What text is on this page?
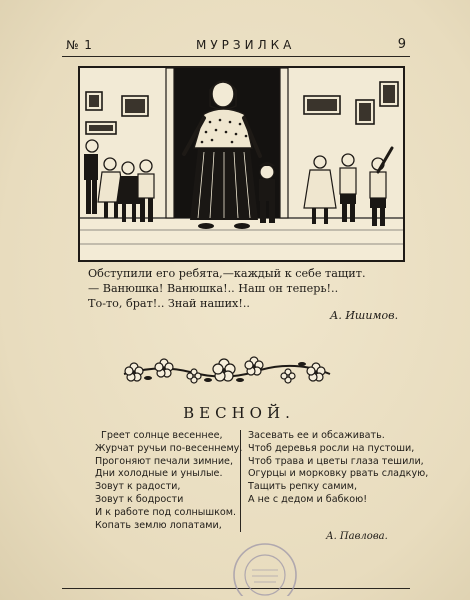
№ 1	МУРЗИЛКА	9
Обступили его ребята,—каждый к себе тащит.
— Ванюшка! Ванюшка!.. Наш он теперь!..
То-то, брат!.. Знай наших!..
А. Ишимов.
ВЕСНОЙ.
Греет солнце весеннее,
Журчат ручьи по-весеннему.
Прогоняют печали зимние,
Дни холодные и унылые.
Зовут к радости,
Зовут к бодрости
И к работе под солнышком.
Копать землю лопатами,
Засевать ее и обсаживать.
Чтоб деревья росли на пустоши,
Чтоб трава и цветы глаза тешили,
Огурцы и морковку рвать сладкую,
Тащить репку самим,
А не с дедом и бабкою!
А. Павлова.
